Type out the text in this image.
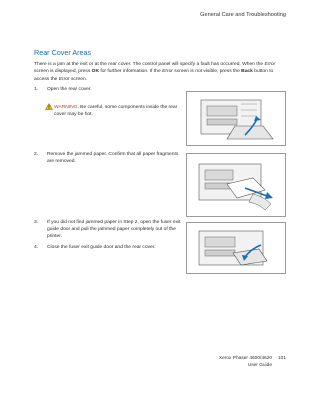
General Care and Troubleshooting
Rear Cover Areas
There is a jam at the exit or at the rear cover. The control panel will specify a fault has occurred. When the Error screen is displayed, press OK for further information. If the Error screen is not visible, press the Back button to access the Error screen.
1. Open the rear cover.
WARNING: Be careful, some components inside the rear cover may be hot.
2. Remove the jammed paper. Confirm that all paper fragments are removed.
3. If you did not find jammed paper in Step 2, open the fuser exit guide door and pull the jammed paper completely out of the printer.
4. Close the fuser exit guide door and the rear cover.
Xerox Phaser 4600/4620
User Guide
101
